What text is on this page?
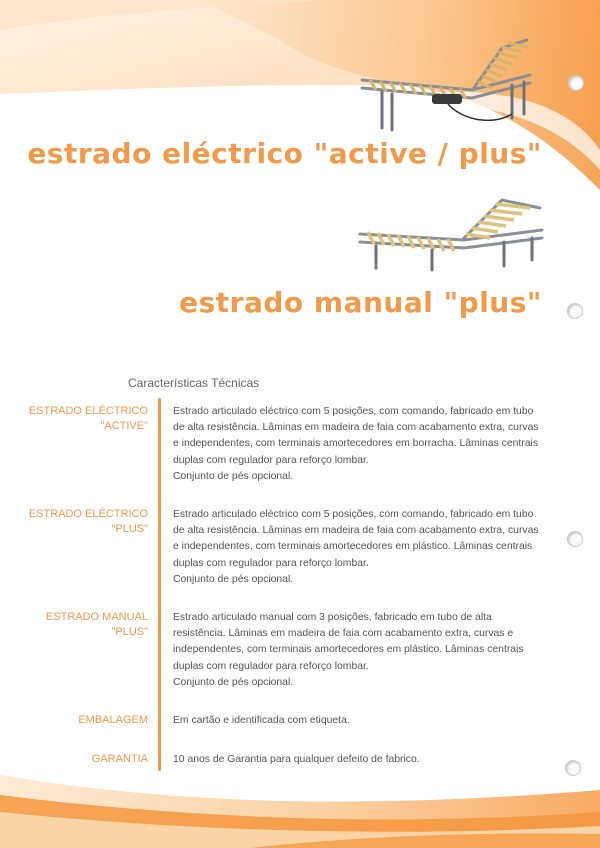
estrado eléctrico "active / plus"
estrado manual "plus"
Características Técnicas
ESTRADO ELÉCTRICO
"ACTIVE"

Estrado articulado eléctrico com 5 posições, com comando, fabricado em tubo de alta resistência. Lâminas em madeira de faia com acabamento extra, curvas e independentes, com terminais amortecedores em borracha. Lâminas centrais duplas com regulador para reforço lombar.

Conjunto de pés opcional.

ESTRADO ELÉCTRICO
"PLUS"

Estrado articulado eléctrico com 5 posições, com comando, fabricado em tubo de alta resistência. Lâminas em madeira de faia com acabamento extra, curvas e independentes, com terminais amortecedores em plástico. Lâminas centrais duplas com regulador para reforço lombar.

Conjunto de pés opcional.

ESTRADO MANUAL
"PLUS"

Estrado articulado manual com 3 posições, fabricado em tubo de alta resistência. Lâminas em madeira de faia com acabamento extra, curvas e independentes, com terminais amortecedores em plástico. Lâminas centrais duplas com regulador para reforço lombar.

Conjunto de pés opcional.

EMBALAGEM Em cartão e identificada com etiqueta.

GARANTIA 10 anos de Garantia para qualquer defeito de fabrico.
